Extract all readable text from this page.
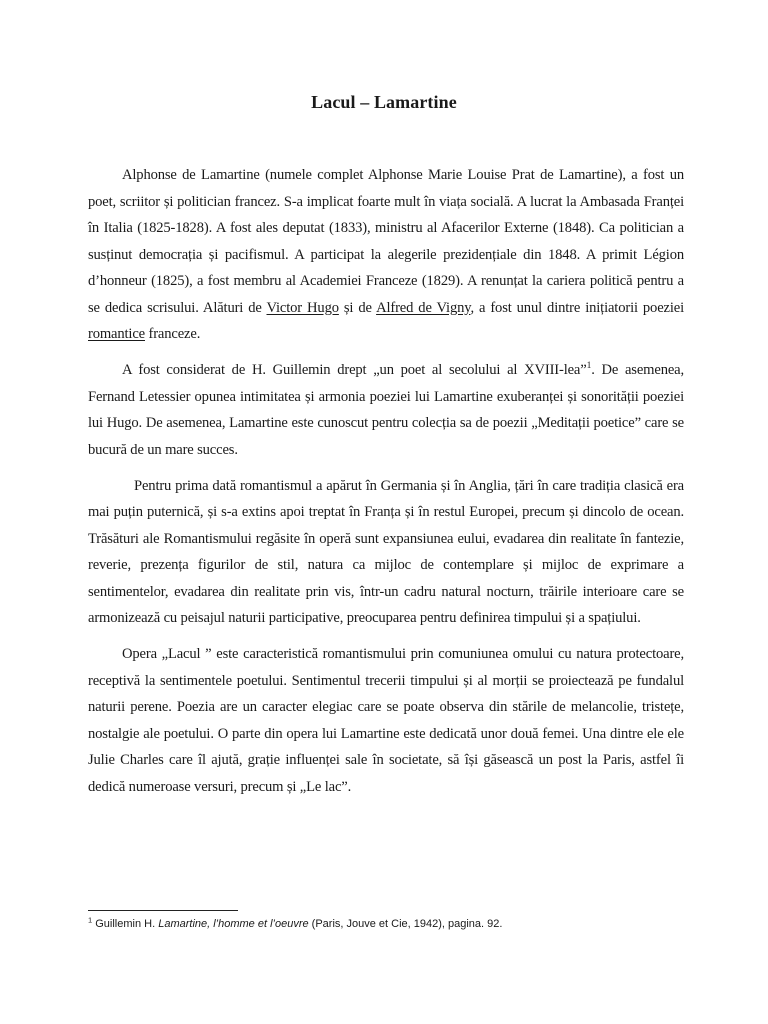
Lacul – Lamartine

Alphonse de Lamartine (numele complet Alphonse Marie Louise Prat de Lamartine), a fost un poet, scriitor și politician francez. S-a implicat foarte mult în viața socială. A lucrat la Ambasada Franței în Italia (1825-1828). A fost ales deputat (1833), ministru al Afacerilor Externe (1848). Ca politician a susținut democrația și pacifismul. A participat la alegerile prezidențiale din 1848. A primit Légion d’honneur (1825), a fost membru al Academiei Franceze (1829). A renunțat la cariera politică pentru a se dedica scrisului. Alături de Victor Hugo și de Alfred de Vigny, a fost unul dintre inițiatorii poeziei romantice franceze.

A fost considerat de H. Guillemin drept „un poet al secolului al XVIII-lea”$^1$. De asemenea, Fernand Letessier opunea intimitatea și armonia poeziei lui Lamartine exuberanței și sonorității poeziei lui Hugo. De asemenea, Lamartine este cunoscut pentru colecția sa de poezii „Meditații poetice” care se bucură de un mare succes.

Pentru prima dată romantismul a apărut în Germania și în Anglia, țări în care tradiția clasică era mai puțin puternică, și s-a extins apoi treptat în Franța și în restul Europei, precum și dincolo de ocean. Trăsături ale Romantismului regăsite în operă sunt expansiunea eului, evadarea din realitate în fantezie, reverie, prezența figurilor de stil, natura ca mijloc de contemplare și mijloc de exprimare a sentimentelor, evadarea din realitate prin vis, într-un cadru natural nocturn, trăirile interioare care se armonizează cu peisajul naturii participative, preocuparea pentru definirea timpului și a spațiului.

Opera „Lacul ” este caracteristică romantismului prin comuniunea omului cu natura protectoare, receptivă la sentimentele poetului. Sentimentul trecerii timpului și al morții se proiectează pe fundalul naturii perene. Poezia are un caracter elegiac care se poate observa din stările de melancolie, tristețe, nostalgie ale poetului. O parte din opera lui Lamartine este dedicată unor două femei. Una dintre ele ele Julie Charles care îl ajută, grație influenței sale în societate, să își găsească un post la Paris, astfel îi dedică numeroase versuri, precum și „Le lac”.

$^1$ Guillemin H. Lamartine, l’homme et l’oeuvre (Paris, Jouve et Cie, 1942), pagina. 92.
